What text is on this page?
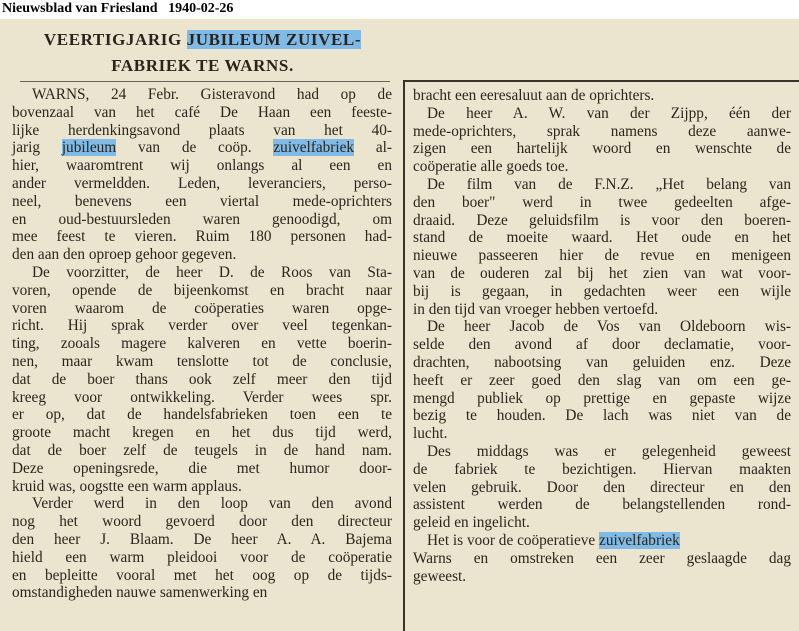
Nieuwsblad van Friesland 1940-02-26
VEERTIGJARIG JUBILEUM ZUIVEL-
FABRIEK TE WARNS.
WARNS, 24 Febr. Gisteravond had op de
bovenzaal van het café De Haan een feeste-
lijke herdenkingsavond plaats van het 40-
jarig jubileum van de coöp. zuivelfabriek al-
hier, waaromtrent wij onlangs al een en
ander vermeldden. Leden, leveranciers, perso-
neel, benevens een viertal mede-oprichters
en oud-bestuursleden waren genoodigd, om
mee feest te vieren. Ruim 180 personen had-
den aan den oproep gehoor gegeven.
De voorzitter, de heer D. de Roos van Sta-
voren, opende de bijeenkomst en bracht naar
voren waarom de coöperaties waren opge-
richt. Hij sprak verder over veel tegenkan-
ting, zooals magere kalveren en vette boerin-
nen, maar kwam tenslotte tot de conclusie,
dat de boer thans ook zelf meer den tijd
kreeg voor ontwikkeling. Verder wees spr.
er op, dat de handelsfabrieken toen een te
groote macht kregen en het dus tijd werd,
dat de boer zelf de teugels in de hand nam.
Deze openingsrede, die met humor door-
kruid was, oogstte een warm applaus.
Verder werd in den loop van den avond
nog het woord gevoerd door den directeur
den heer J. Blaam. De heer A. A. Bajema
hield een warm pleidooi voor de coöperatie
en bepleitte vooral met het oog op de tijds-
omstandigheden nauwe samenwerking en
bracht een eeresaluut aan de oprichters.
De heer A. W. van der Zijpp, één der
mede-oprichters, sprak namens deze aanwe-
zigen een hartelijk woord en wenschte de
coöperatie alle goeds toe.
De film van de F.N.Z. „Het belang van
den boer" werd in twee gedeelten afge-
draaid. Deze geluidsfilm is voor den boeren-
stand de moeite waard. Het oude en het
nieuwe passeeren hier de revue en menigeen
van de ouderen zal bij het zien van wat voor-
bij is gegaan, in gedachten weer een wijle
in den tijd van vroeger hebben vertoefd.
De heer Jacob de Vos van Oldeboorn wis-
selde den avond af door declamatie, voor-
drachten, nabootsing van geluiden enz. Deze
heeft er zeer goed den slag van om een ge-
mengd publiek op prettige en gepaste wijze
bezig te houden. De lach was niet van de
lucht.
Des middags was er gelegenheid geweest
de fabriek te bezichtigen. Hiervan maakten
velen gebruik. Door den directeur en den
assistent werden de belangstellenden rond-
geleid en ingelicht.
Het is voor de coöperatieve zuivelfabriek
Warns en omstreken een zeer geslaagde dag
geweest.
